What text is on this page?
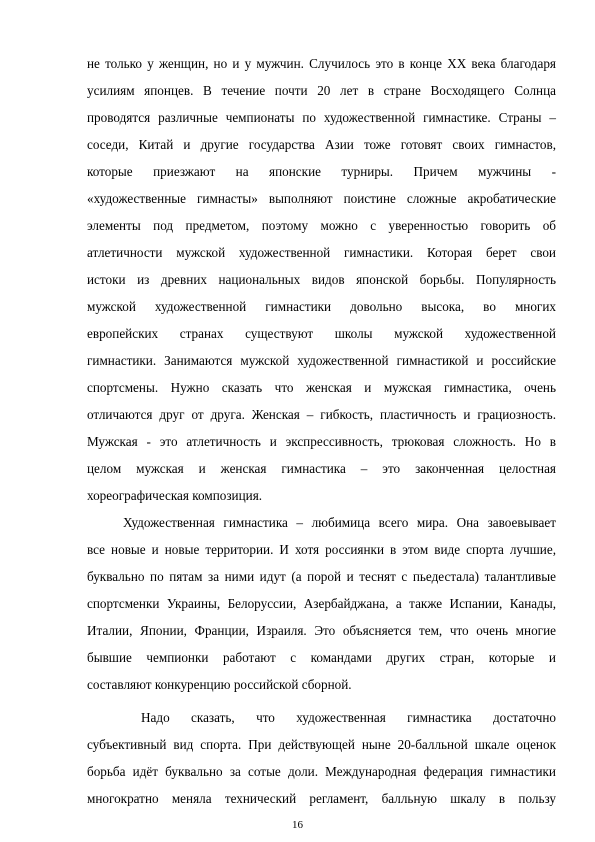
не только у женщин, но и у мужчин. Случилось это в конце XX века благодаря
усилиям японцев. В течение почти 20 лет в стране Восходящего Солнца
проводятся различные чемпионаты по художественной гимнастике. Страны –
соседи, Китай и другие государства Азии тоже готовят своих гимнастов,
которые приезжают на японские турниры. Причем мужчины -
«художественные гимнасты» выполняют поистине сложные акробатические
элементы под предметом, поэтому можно с уверенностью говорить об
атлетичности мужской художественной гимнастики. Которая берет свои
истоки из древних национальных видов японской борьбы. Популярность
мужской художественной гимнастики довольно высока, во многих
европейских странах существуют школы мужской художественной
гимнастики. Занимаются мужской художественной гимнастикой и российские
спортсмены. Нужно сказать что женская и мужская гимнастика, очень
отличаются друг от друга. Женская – гибкость, пластичность и грациозность.
Мужская - это атлетичность и экспрессивность, трюковая сложность. Но в
целом мужская и женская гимнастика – это законченная целостная
хореографическая композиция.
Художественная гимнастика – любимица всего мира. Она завоевывает
все новые и новые территории. И хотя россиянки в этом виде спорта лучшие,
буквально по пятам за ними идут (а порой и теснят с пьедестала) талантливые
спортсменки Украины, Белоруссии, Азербайджана, а также Испании, Канады,
Италии, Японии, Франции, Израиля. Это объясняется тем, что очень многие
бывшие чемпионки работают с командами других стран, которые и
составляют конкуренцию российской сборной.
Надо сказать, что художественная гимнастика достаточно
субъективный вид спорта. При действующей ныне 20-балльной шкале оценок
борьба идёт буквально за сотые доли. Международная федерация гимнастики
многократно меняла технический регламент, балльную шкалу в пользу
16
